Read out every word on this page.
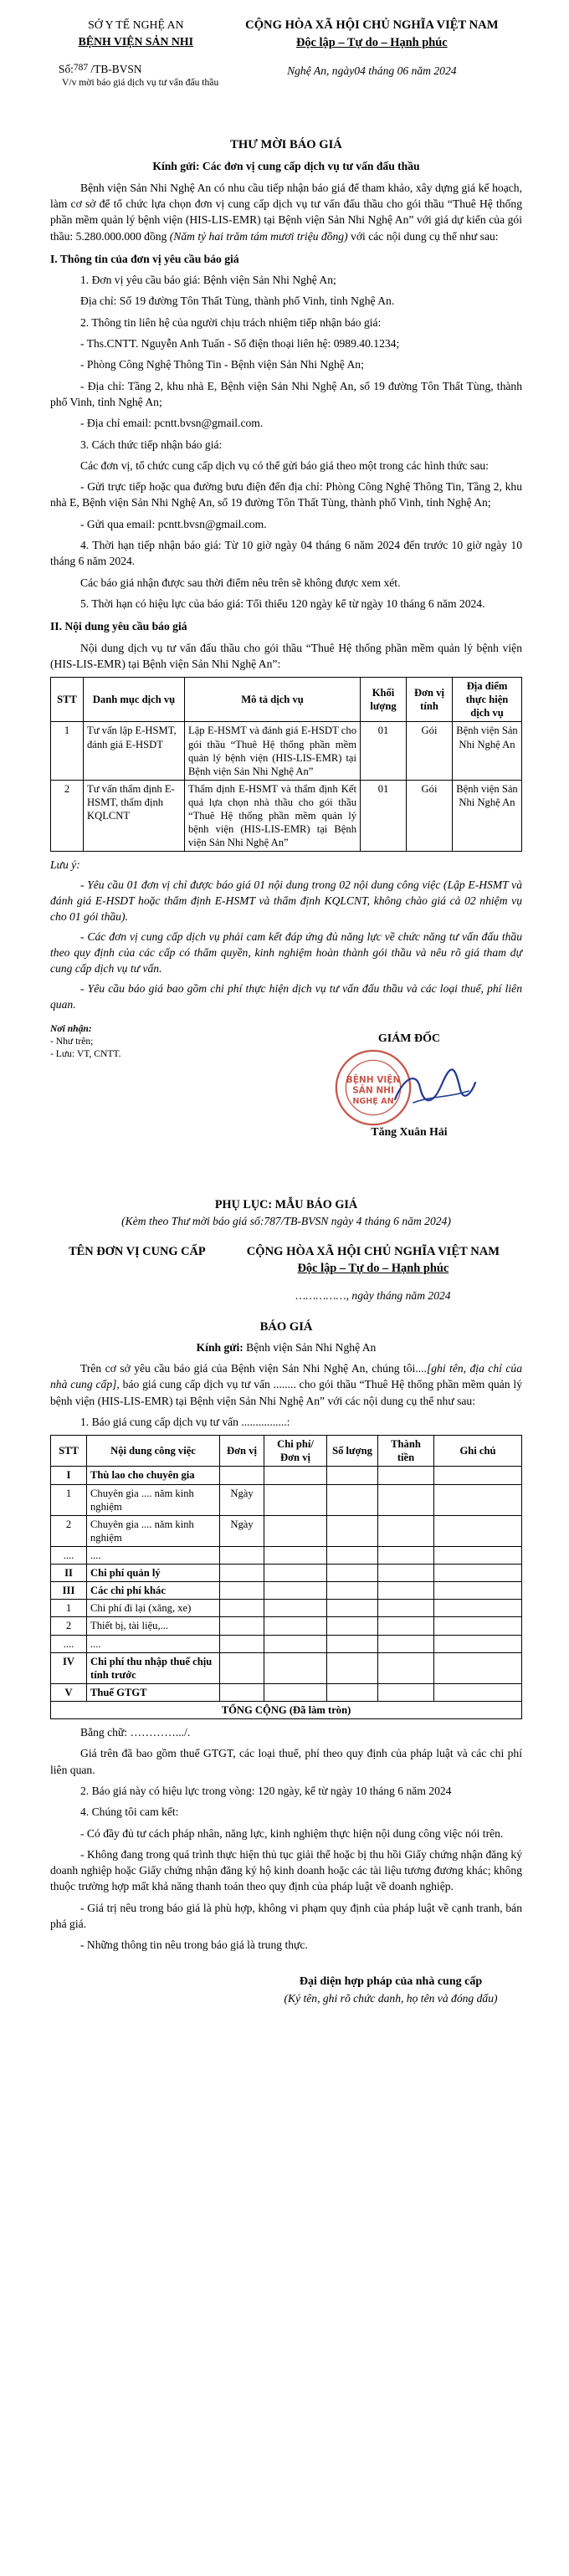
SỞ Y TẾ NGHỆ AN
BỆNH VIỆN SẢN NHI
Số:787 /TB-BVSN
V/v mời báo giá dịch vụ tư vấn đấu thầu
CỘNG HÒA XÃ HỘI CHỦ NGHĨA VIỆT NAM
Độc lập – Tự do – Hạnh phúc
Nghệ An, ngày04 tháng 06 năm 2024
THƯ MỜI BÁO GIÁ
Kính gửi: Các đơn vị cung cấp dịch vụ tư vấn đấu thầu

Bệnh viện Sản Nhi Nghệ An có nhu cầu tiếp nhận báo giá để tham khảo, xây dựng giá kế hoạch, làm cơ sở để tổ chức lựa chọn đơn vị cung cấp dịch vụ tư vấn đấu thầu cho gói thầu “Thuê Hệ thống phần mềm quản lý bệnh viện (HIS-LIS-EMR) tại Bệnh viện Sản Nhi Nghệ An” với giá dự kiến của gói thầu: 5.280.000.000 đồng (Năm tỷ hai trăm tám mươi triệu đồng) với các nội dung cụ thể như sau:

I. Thông tin của đơn vị yêu cầu báo giá

1. Đơn vị yêu cầu báo giá: Bệnh viện Sản Nhi Nghệ An;

Địa chỉ: Số 19 đường Tôn Thất Tùng, thành phố Vinh, tỉnh Nghệ An.

2. Thông tin liên hệ của người chịu trách nhiệm tiếp nhận báo giá:

- Ths.CNTT. Nguyễn Anh Tuấn - Số điện thoại liên hệ: 0989.40.1234;

- Phòng Công Nghệ Thông Tin - Bệnh viện Sản Nhi Nghệ An;

- Địa chỉ: Tầng 2, khu nhà E, Bệnh viện Sản Nhi Nghệ An, số 19 đường Tôn Thất Tùng, thành phố Vinh, tỉnh Nghệ An;

- Địa chỉ email: pcntt.bvsn@gmail.com.

3. Cách thức tiếp nhận báo giá:

Các đơn vị, tổ chức cung cấp dịch vụ có thể gửi báo giá theo một trong các hình thức sau:

- Gửi trực tiếp hoặc qua đường bưu điện đến địa chỉ: Phòng Công Nghệ Thông Tin, Tầng 2, khu nhà E, Bệnh viện Sản Nhi Nghệ An, số 19 đường Tôn Thất Tùng, thành phố Vinh, tỉnh Nghệ An;

- Gửi qua email: pcntt.bvsn@gmail.com.

4. Thời hạn tiếp nhận báo giá: Từ 10 giờ ngày 04 tháng 6 năm 2024 đến trước 10 giờ ngày 10 tháng 6 năm 2024.

Các báo giá nhận được sau thời điểm nêu trên sẽ không được xem xét.

5. Thời hạn có hiệu lực của báo giá: Tối thiểu 120 ngày kể từ ngày 10 tháng 6 năm 2024.

II. Nội dung yêu cầu báo giá

Nội dung dịch vụ tư vấn đấu thầu cho gói thầu “Thuê Hệ thống phần mềm quản lý bệnh viện (HIS-LIS-EMR) tại Bệnh viện Sản Nhi Nghệ An”:

STT	Danh mục dịch vụ	Mô tả dịch vụ	Khối lượng	Đơn vị tính	Địa điểm thực hiện dịch vụ
1	Tư vấn lập E-HSMT, đánh giá E-HSDT	Lập E-HSMT và đánh giá E-HSDT cho gói thầu “Thuê Hệ thống phần mềm quản lý bệnh viện (HIS-LIS-EMR) tại Bệnh viện Sản Nhi Nghệ An”	01	Gói	Bệnh viện Sản Nhi Nghệ An
2	Tư vấn thẩm định E-HSMT, thẩm định KQLCNT	Thẩm định E-HSMT và thẩm định Kết quả lựa chọn nhà thầu cho gói thầu “Thuê Hệ thống phần mềm quản lý bệnh viện (HIS-LIS-EMR) tại Bệnh viện Sản Nhi Nghệ An”	01	Gói	Bệnh viện Sản Nhi Nghệ An
Lưu ý:

- Yêu cầu 01 đơn vị chỉ được báo giá 01 nội dung trong 02 nội dung công việc (Lập E-HSMT và đánh giá E-HSDT hoặc thẩm định E-HSMT và thẩm định KQLCNT, không chào giá cả 02 nhiệm vụ cho 01 gói thầu).

- Các đơn vị cung cấp dịch vụ phải cam kết đáp ứng đủ năng lực về chức năng tư vấn đấu thầu theo quy định của các cấp có thẩm quyền, kinh nghiệm hoàn thành gói thầu và nêu rõ giá tham dự cung cấp dịch vụ tư vấn.

- Yêu cầu báo giá bao gồm chi phí thực hiện dịch vụ tư vấn đấu thầu và các loại thuế, phí liên quan.

Nơi nhận:
- Như trên;
- Lưu: VT, CNTT.
GIÁM ĐỐC
BỆNH VIỆN
SẢN NHI
NGHỆ AN
Tăng Xuân Hải
PHỤ LỤC: MẪU BÁO GIÁ
(Kèm theo Thư mời báo giá số:787/TB-BVSN ngày 4 tháng 6 năm 2024)
TÊN ĐƠN VỊ CUNG CẤP	CỘNG HÒA XÃ HỘI CHỦ NGHĨA VIỆT NAM
Độc lập – Tự do – Hạnh phúc
……………, ngày tháng năm 2024
BÁO GIÁ
Kính gửi: Bệnh viện Sản Nhi Nghệ An

Trên cơ sở yêu cầu báo giá của Bệnh viện Sản Nhi Nghệ An, chúng tôi....[ghi tên, địa chỉ của nhà cung cấp], báo giá cung cấp dịch vụ tư vấn ........ cho gói thầu “Thuê Hệ thống phần mềm quản lý bệnh viện (HIS-LIS-EMR) tại Bệnh viện Sản Nhi Nghệ An” với các nội dung cụ thể như sau:

1. Báo giá cung cấp dịch vụ tư vấn ................:

STT	Nội dung công việc	Đơn vị	Chi phí/ Đơn vị	Số lượng	Thành tiền	Ghi chú
I	Thù lao cho chuyên gia					
1	Chuyên gia .... năm kinh nghiệm	Ngày				
2	Chuyên gia .... năm kinh nghiệm	Ngày				
....	....					
II	Chi phí quản lý					
III	Các chi phí khác					
1	Chi phí đi lại (xăng, xe)					
2	Thiết bị, tài liệu,...					
....	....					
IV	Chi phí thu nhập thuế chịu tính trước					
V	Thuế GTGT					
TỔNG CỘNG (Đã làm tròn)						

Bằng chữ: ………….../.

Giá trên đã bao gồm thuế GTGT, các loại thuế, phí theo quy định của pháp luật và các chi phí liên quan.

2. Báo giá này có hiệu lực trong vòng: 120 ngày, kể từ ngày 10 tháng 6 năm 2024

4. Chúng tôi cam kết:

- Có đầy đủ tư cách pháp nhân, năng lực, kinh nghiệm thực hiện nội dung công việc nói trên.

- Không đang trong quá trình thực hiện thủ tục giải thể hoặc bị thu hồi Giấy chứng nhận đăng ký doanh nghiệp hoặc Giấy chứng nhận đăng ký hộ kinh doanh hoặc các tài liệu tương đương khác; không thuộc trường hợp mất khả năng thanh toán theo quy định của pháp luật về doanh nghiệp.

- Giá trị nêu trong báo giá là phù hợp, không vi phạm quy định của pháp luật về cạnh tranh, bán phá giá.

- Những thông tin nêu trong báo giá là trung thực.

Đại diện hợp pháp của nhà cung cấp
(Ký tên, ghi rõ chức danh, họ tên và đóng dấu)
